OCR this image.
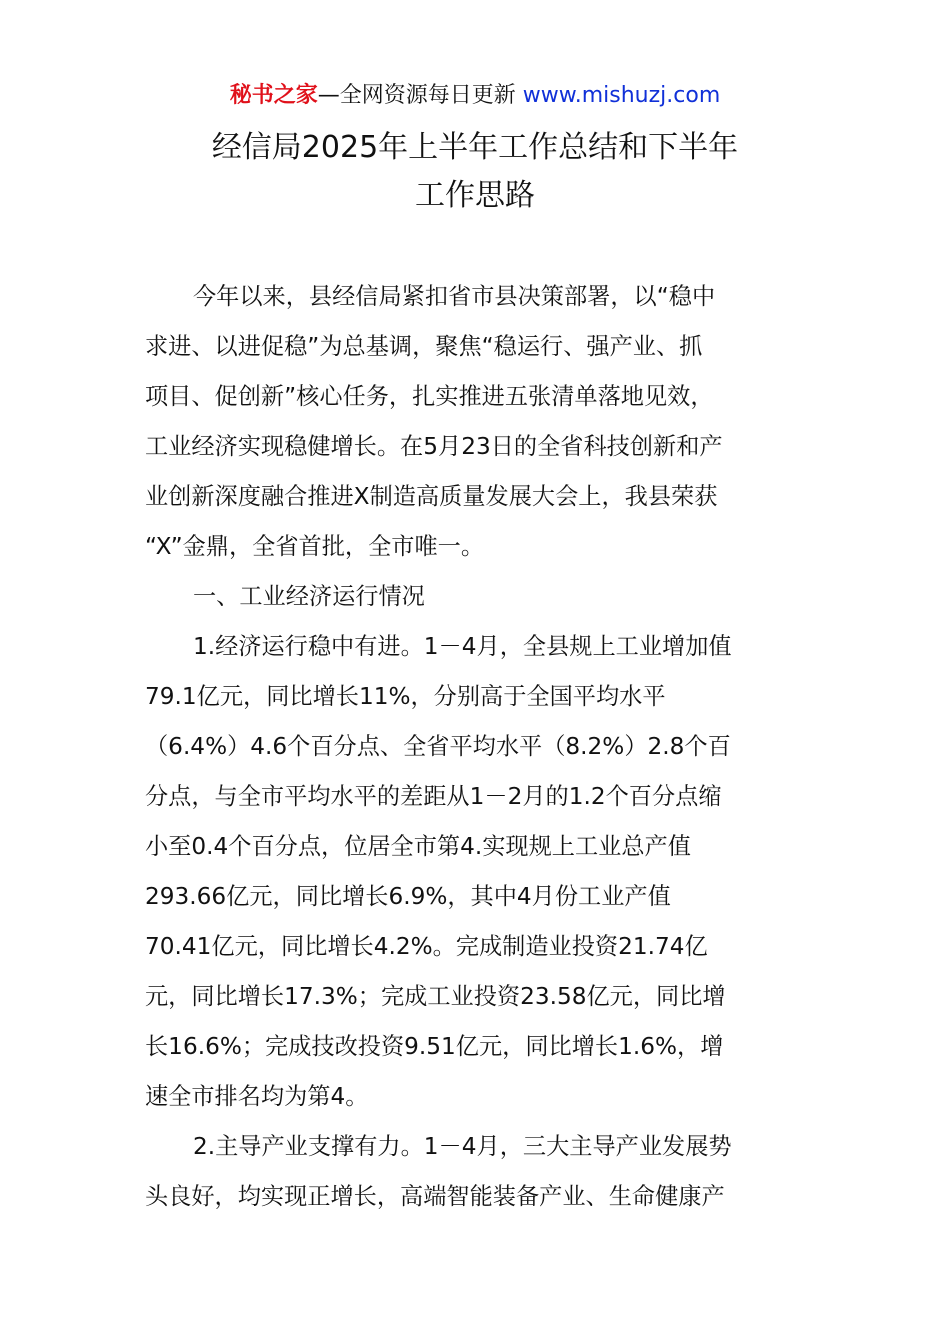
秘书之家—全网资源每日更新 www.mishuzj.com
经信局2025年上半年工作总结和下半年
工作思路
今年以来，县经信局紧扣省市县决策部署，以“稳中
求进、以进促稳”为总基调，聚焦“稳运行、强产业、抓
项目、促创新”核心任务，扎实推进五张清单落地见效，
工业经济实现稳健增长。在5月23日的全省科技创新和产
业创新深度融合推进X制造高质量发展大会上，我县荣获
“X”金鼎，全省首批，全市唯一。
一、工业经济运行情况
1.经济运行稳中有进。1－4月，全县规上工业增加值
79.1亿元，同比增长11%，分别高于全国平均水平
（6.4%）4.6个百分点、全省平均水平（8.2%）2.8个百
分点，与全市平均水平的差距从1－2月的1.2个百分点缩
小至0.4个百分点，位居全市第4.实现规上工业总产值
293.66亿元，同比增长6.9%，其中4月份工业产值
70.41亿元，同比增长4.2%。完成制造业投资21.74亿
元，同比增长17.3%；完成工业投资23.58亿元，同比增
长16.6%；完成技改投资9.51亿元，同比增长1.6%，增
速全市排名均为第4。
2.主导产业支撑有力。1－4月，三大主导产业发展势
头良好，均实现正增长，高端智能装备产业、生命健康产
